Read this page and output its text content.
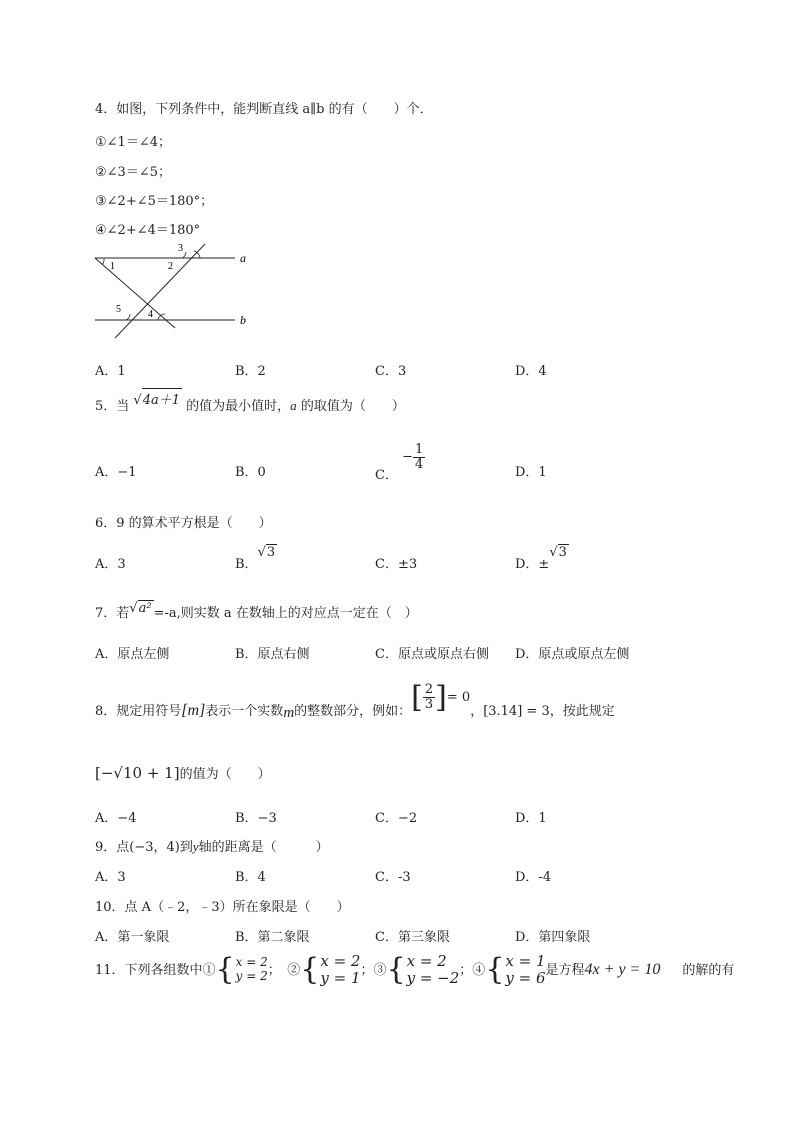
4．如图，下列条件中，能判断直线 a∥b 的有（　　）个．
①∠1＝∠4；
②∠3＝∠5；
③∠2+∠5＝180°；
④∠2+∠4＝180°
1	2
3
4
5
a
b
A．1	B．2	C．3	D．4
5．当 √4a＋1 的值为最小值时，a 的取值为（　　）
A．−1	B．0	C． − $\frac{1}{4}$
D．1
6．9 的算术平方根是（　　）
A．3	B．√3
C．±3	D．±√3
7．若√a² =-a,则实数 a 在数轴上的对应点一定在（　）
A．原点左侧	B．原点右侧	C．原点或原点右侧 D．原点或原点左侧
8．规定用符号[m]表示一个实数m的整数部分，例如：[ $\frac{2}{3}$ ]= 0，[3.14] = 3，按此规定
[−√10 + 1]的值为（　　）
A．−4	B．−3	C．−2	D．1
9．点(−3，4)到y轴的距离是（　　　）
A．3	B．4	C．-3	D．-4
10．点 A（﹣2，﹣3）所在象限是（　　）
A．第一象限	B．第二象限	C．第三象限	D．第四象限
11．下列各组数中①{ x = 2
y = 2 ；　②{ x = 2
y = 1 ；③{ x = 2
y = −2 ；④{ x = 1
y = 6 是方程4x + y = 10 的解的有
